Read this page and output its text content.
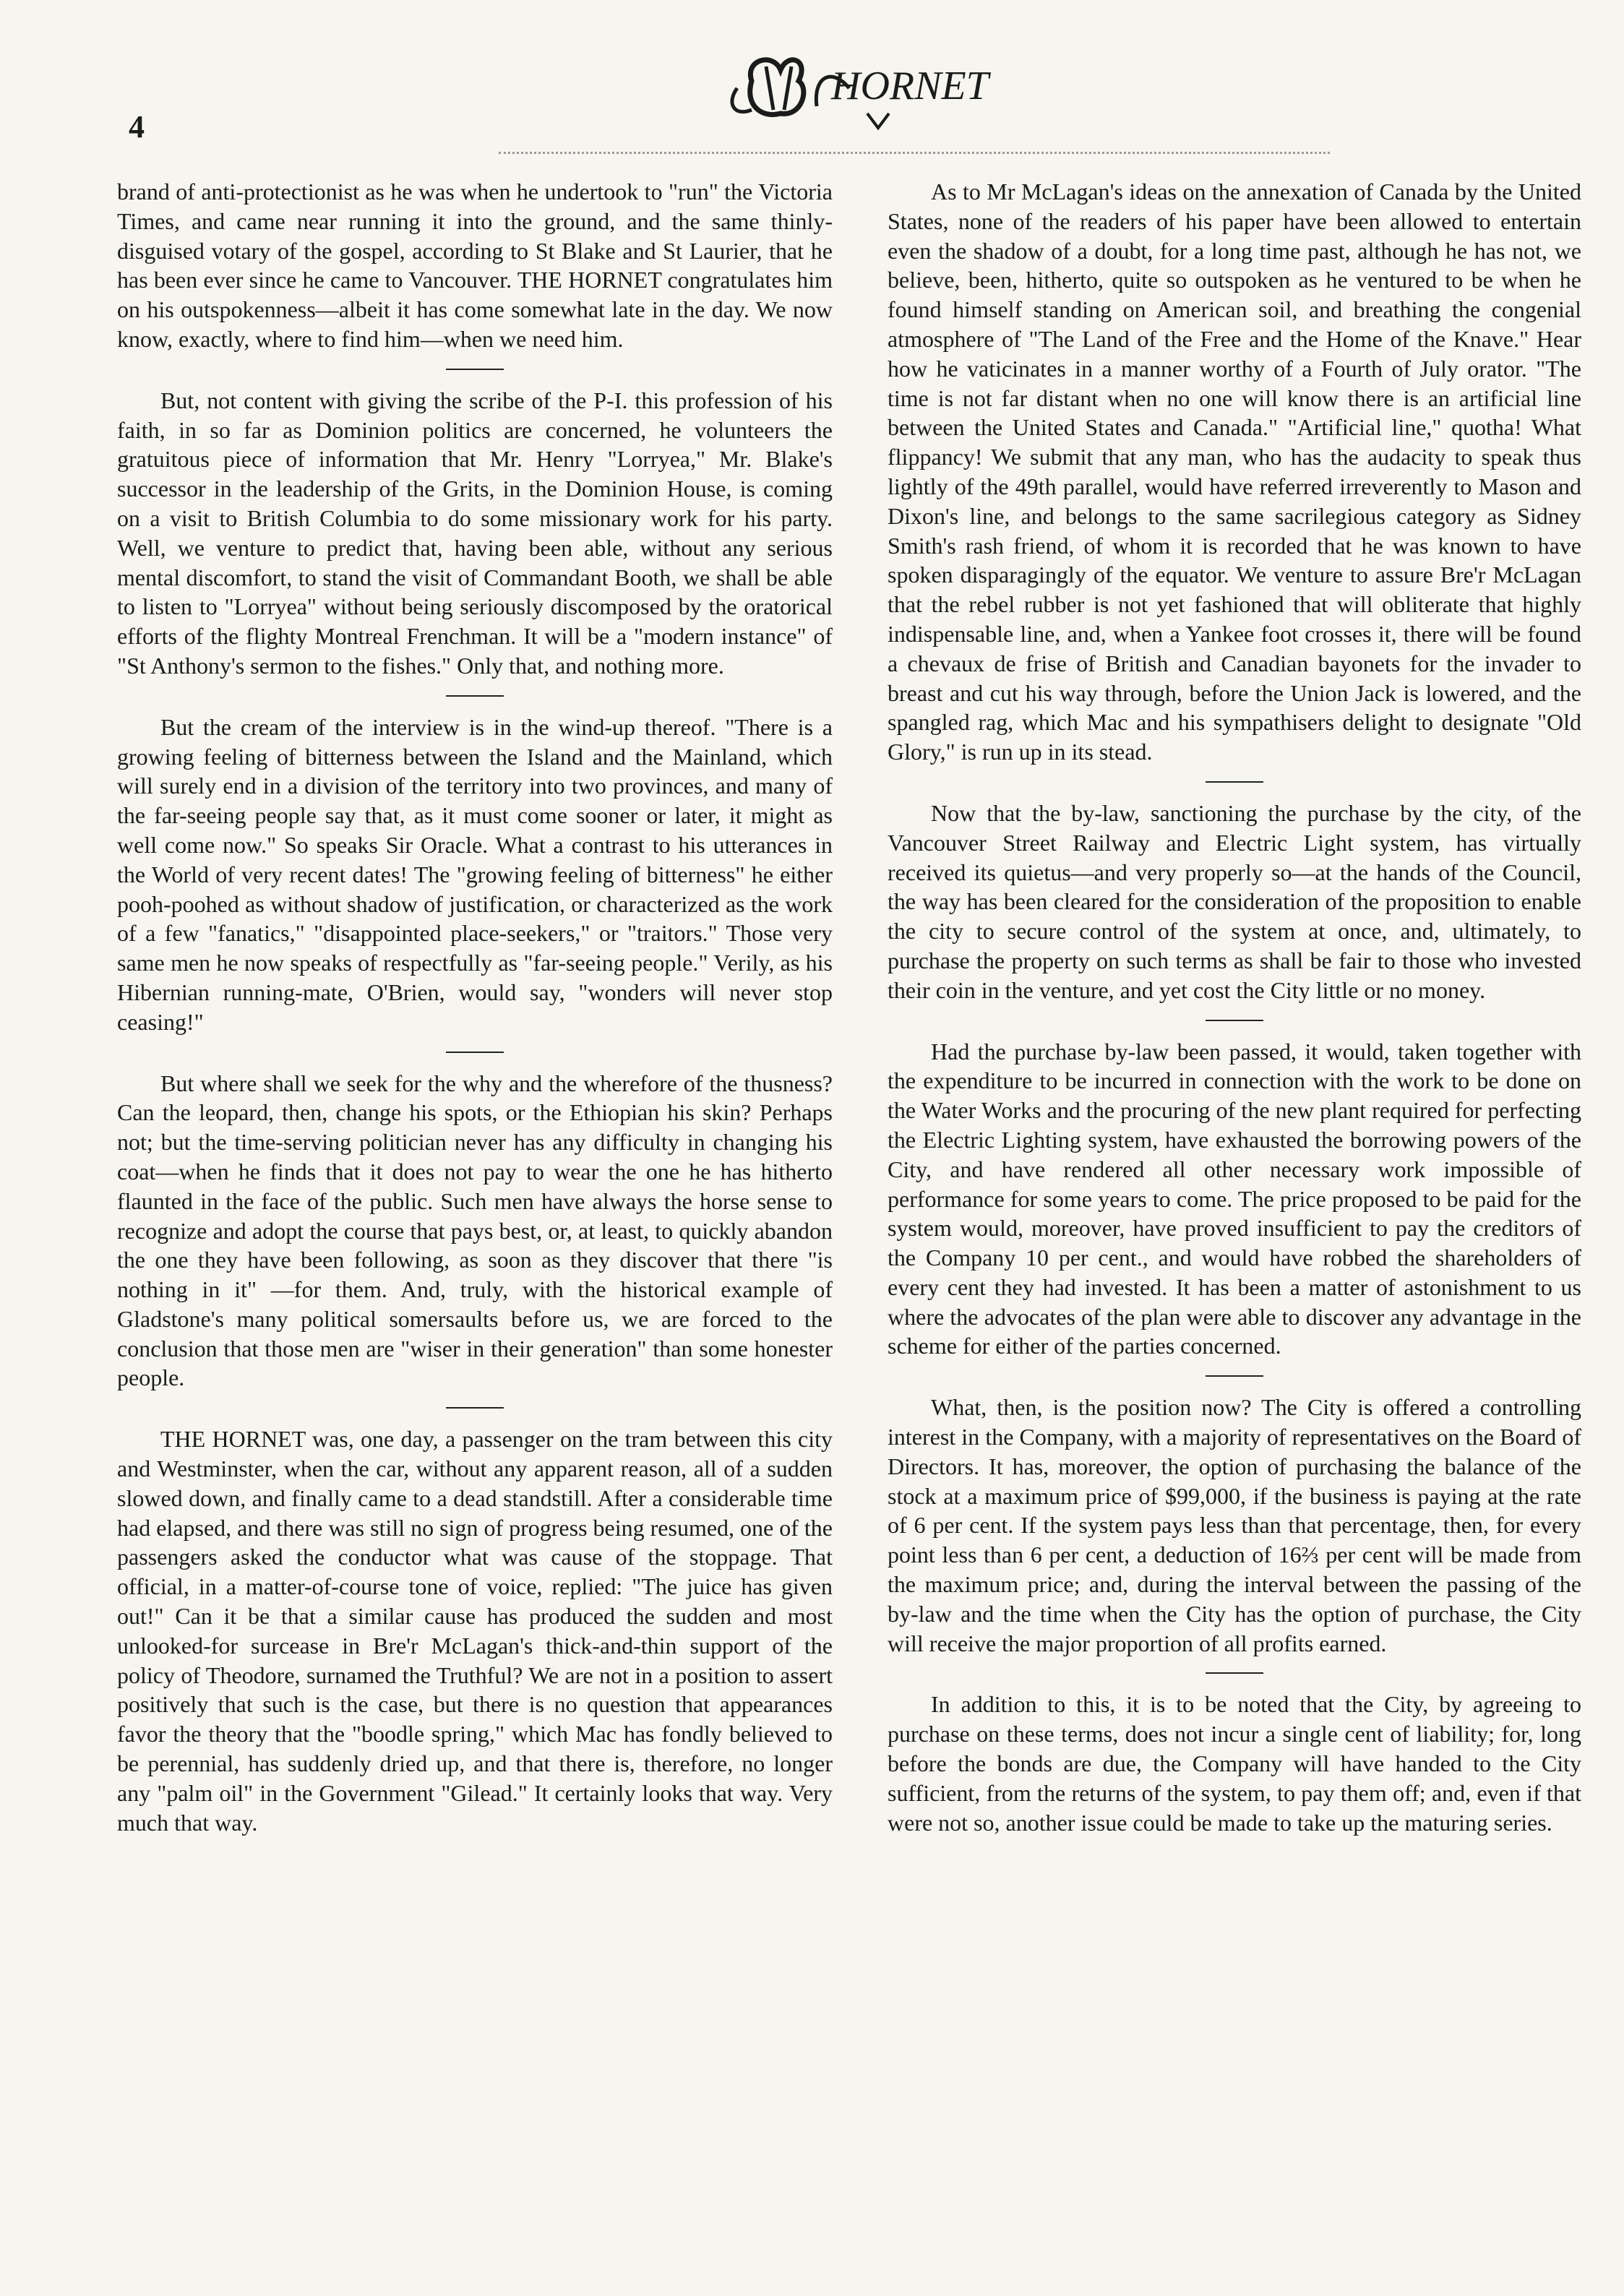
4
HORNET

brand of anti-protectionist as he was when he undertook to "run" the Victoria Times, and came near running it into the ground, and the same thinly-disguised votary of the gospel, according to St Blake and St Laurier, that he has been ever since he came to Vancouver. THE HORNET congratulates him on his outspokenness—albeit it has come somewhat late in the day. We now know, exactly, where to find him—when we need him.

But, not content with giving the scribe of the P-I. this profession of his faith, in so far as Dominion politics are concerned, he volunteers the gratuitous piece of information that Mr. Henry "Lorryea," Mr. Blake's successor in the leadership of the Grits, in the Dominion House, is coming on a visit to British Columbia to do some missionary work for his party. Well, we venture to predict that, having been able, without any serious mental discomfort, to stand the visit of Commandant Booth, we shall be able to listen to "Lorryea" without being seriously discomposed by the oratorical efforts of the flighty Montreal Frenchman. It will be a "modern instance" of "St Anthony's sermon to the fishes." Only that, and nothing more.

But the cream of the interview is in the wind-up thereof. "There is a growing feeling of bitterness between the Island and the Mainland, which will surely end in a division of the territory into two provinces, and many of the far-seeing people say that, as it must come sooner or later, it might as well come now." So speaks Sir Oracle. What a contrast to his utterances in the World of very recent dates! The "growing feeling of bitterness" he either pooh-poohed as without shadow of justification, or characterized as the work of a few "fanatics," "disappointed place-seekers," or "traitors." Those very same men he now speaks of respectfully as "far-seeing people." Verily, as his Hibernian running-mate, O'Brien, would say, "wonders will never stop ceasing!"

But where shall we seek for the why and the wherefore of the thusness? Can the leopard, then, change his spots, or the Ethiopian his skin? Perhaps not; but the time-serving politician never has any difficulty in changing his coat—when he finds that it does not pay to wear the one he has hitherto flaunted in the face of the public. Such men have always the horse sense to recognize and adopt the course that pays best, or, at least, to quickly abandon the one they have been following, as soon as they discover that there "is nothing in it" —for them. And, truly, with the historical example of Gladstone's many political somersaults before us, we are forced to the conclusion that those men are "wiser in their generation" than some honester people.

THE HORNET was, one day, a passenger on the tram between this city and Westminster, when the car, without any apparent reason, all of a sudden slowed down, and finally came to a dead standstill. After a considerable time had elapsed, and there was still no sign of progress being resumed, one of the passengers asked the conductor what was cause of the stoppage. That official, in a matter-of-course tone of voice, replied: "The juice has given out!" Can it be that a similar cause has produced the sudden and most unlooked-for surcease in Bre'r McLagan's thick-and-thin support of the policy of Theodore, surnamed the Truthful? We are not in a position to assert positively that such is the case, but there is no question that appearances favor the theory that the "boodle spring," which Mac has fondly believed to be perennial, has suddenly dried up, and that there is, therefore, no longer any "palm oil" in the Government "Gilead." It certainly looks that way. Very much that way.

As to Mr McLagan's ideas on the annexation of Canada by the United States, none of the readers of his paper have been allowed to entertain even the shadow of a doubt, for a long time past, although he has not, we believe, been, hitherto, quite so outspoken as he ventured to be when he found himself standing on American soil, and breathing the congenial atmosphere of "The Land of the Free and the Home of the Knave." Hear how he vaticinates in a manner worthy of a Fourth of July orator. "The time is not far distant when no one will know there is an artificial line between the United States and Canada." "Artificial line," quotha! What flippancy! We submit that any man, who has the audacity to speak thus lightly of the 49th parallel, would have referred irreverently to Mason and Dixon's line, and belongs to the same sacrilegious category as Sidney Smith's rash friend, of whom it is recorded that he was known to have spoken disparagingly of the equator. We venture to assure Bre'r McLagan that the rebel rubber is not yet fashioned that will obliterate that highly indispensable line, and, when a Yankee foot crosses it, there will be found a chevaux de frise of British and Canadian bayonets for the invader to breast and cut his way through, before the Union Jack is lowered, and the spangled rag, which Mac and his sympathisers delight to designate "Old Glory," is run up in its stead.

Now that the by-law, sanctioning the purchase by the city, of the Vancouver Street Railway and Electric Light system, has virtually received its quietus—and very properly so—at the hands of the Council, the way has been cleared for the consideration of the proposition to enable the city to secure control of the system at once, and, ultimately, to purchase the property on such terms as shall be fair to those who invested their coin in the venture, and yet cost the City little or no money.

Had the purchase by-law been passed, it would, taken together with the expenditure to be incurred in connection with the work to be done on the Water Works and the procuring of the new plant required for perfecting the Electric Lighting system, have exhausted the borrowing powers of the City, and have rendered all other necessary work impossible of performance for some years to come. The price proposed to be paid for the system would, moreover, have proved insufficient to pay the creditors of the Company 10 per cent., and would have robbed the shareholders of every cent they had invested. It has been a matter of astonishment to us where the advocates of the plan were able to discover any advantage in the scheme for either of the parties concerned.

What, then, is the position now? The City is offered a controlling interest in the Company, with a majority of representatives on the Board of Directors. It has, moreover, the option of purchasing the balance of the stock at a maximum price of $99,000, if the business is paying at the rate of 6 per cent. If the system pays less than that percentage, then, for every point less than 6 per cent, a deduction of 16⅔ per cent will be made from the maximum price; and, during the interval between the passing of the by-law and the time when the City has the option of purchase, the City will receive the major proportion of all profits earned.

In addition to this, it is to be noted that the City, by agreeing to purchase on these terms, does not incur a single cent of liability; for, long before the bonds are due, the Company will have handed to the City sufficient, from the returns of the system, to pay them off; and, even if that were not so, another issue could be made to take up the maturing series.
